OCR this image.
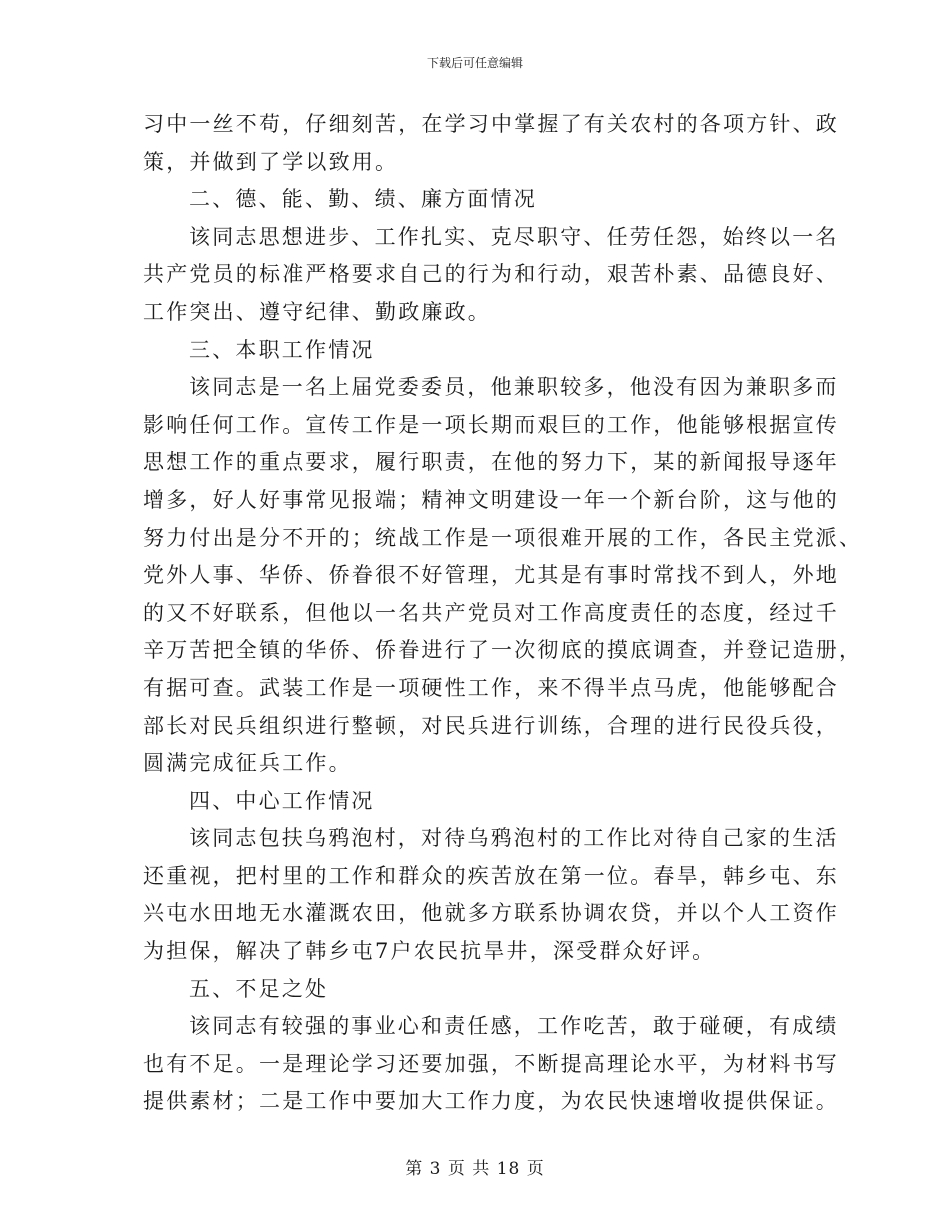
下载后可任意编辑
习中一丝不苟，仔细刻苦，在学习中掌握了有关农村的各项方针、政
策，并做到了学以致用。
二、德、能、勤、绩、廉方面情况
该同志思想进步、工作扎实、克尽职守、任劳任怨，始终以一名
共产党员的标准严格要求自己的行为和行动，艰苦朴素、品德良好、
工作突出、遵守纪律、勤政廉政。
三、本职工作情况
该同志是一名上届党委委员，他兼职较多，他没有因为兼职多而
影响任何工作。宣传工作是一项长期而艰巨的工作，他能够根据宣传
思想工作的重点要求，履行职责，在他的努力下，某的新闻报导逐年
增多，好人好事常见报端；精神文明建设一年一个新台阶，这与他的
努力付出是分不开的；统战工作是一项很难开展的工作，各民主党派、
党外人事、华侨、侨眷很不好管理，尤其是有事时常找不到人，外地
的又不好联系，但他以一名共产党员对工作高度责任的态度，经过千
辛万苦把全镇的华侨、侨眷进行了一次彻底的摸底调查，并登记造册，
有据可查。武装工作是一项硬性工作，来不得半点马虎，他能够配合
部长对民兵组织进行整顿，对民兵进行训练，合理的进行民役兵役，
圆满完成征兵工作。
四、中心工作情况
该同志包扶乌鸦泡村，对待乌鸦泡村的工作比对待自己家的生活
还重视，把村里的工作和群众的疾苦放在第一位。春旱，韩乡屯、东
兴屯水田地无水灌溉农田，他就多方联系协调农贷，并以个人工资作
为担保，解决了韩乡屯7户农民抗旱井，深受群众好评。
五、不足之处
该同志有较强的事业心和责任感，工作吃苦，敢于碰硬，有成绩
也有不足。一是理论学习还要加强，不断提高理论水平，为材料书写
提供素材；二是工作中要加大工作力度，为农民快速增收提供保证。
第 3 页 共 18 页
